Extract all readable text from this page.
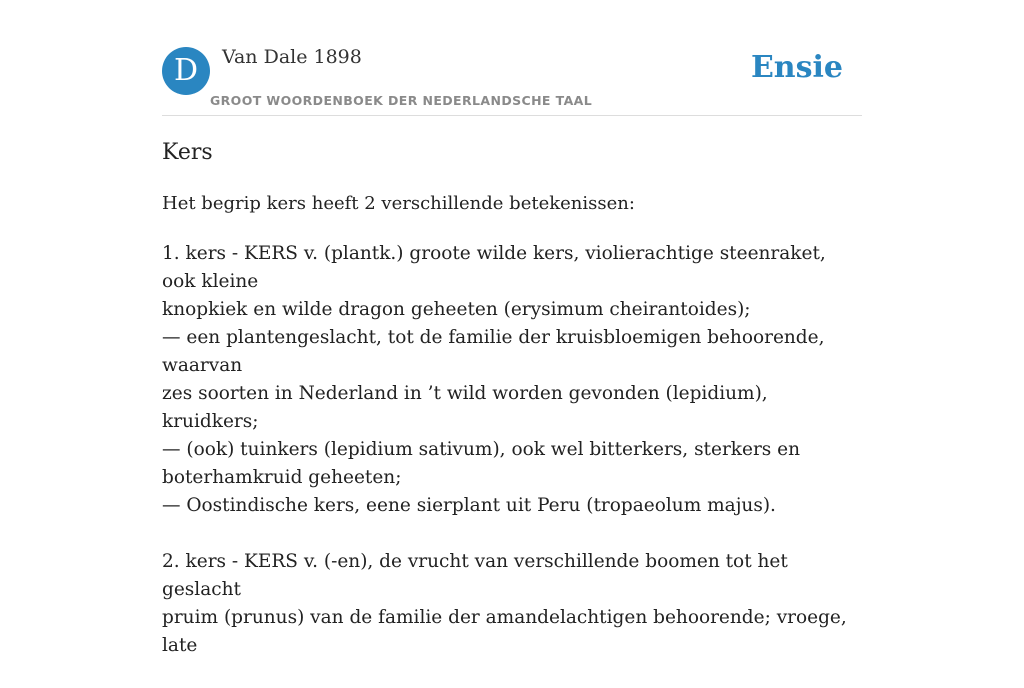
D	Van Dale 1898
GROOT WOORDENBOEK DER NEDERLANDSCHE TAAL
Ensie
Kers
Het begrip kers heeft 2 verschillende betekenissen:
1. kers - KERS v. (plantk.) groote wilde kers, violierachtige steenraket, ook kleine
knopkiek en wilde dragon geheeten (erysimum cheirantoides);
— een plantengeslacht, tot de familie der kruisbloemigen behoorende, waarvan
zes soorten in Nederland in ’t wild worden gevonden (lepidium), kruidkers;
— (ook) tuinkers (lepidium sativum), ook wel bitterkers, sterkers en
boterhamkruid geheeten;
— Oostindische kers, eene sierplant uit Peru (tropaeolum majus).
2. kers - KERS v. (-en), de vrucht van verschillende boomen tot het geslacht
pruim (prunus) van de familie der amandelachtigen behoorende; vroege, late
